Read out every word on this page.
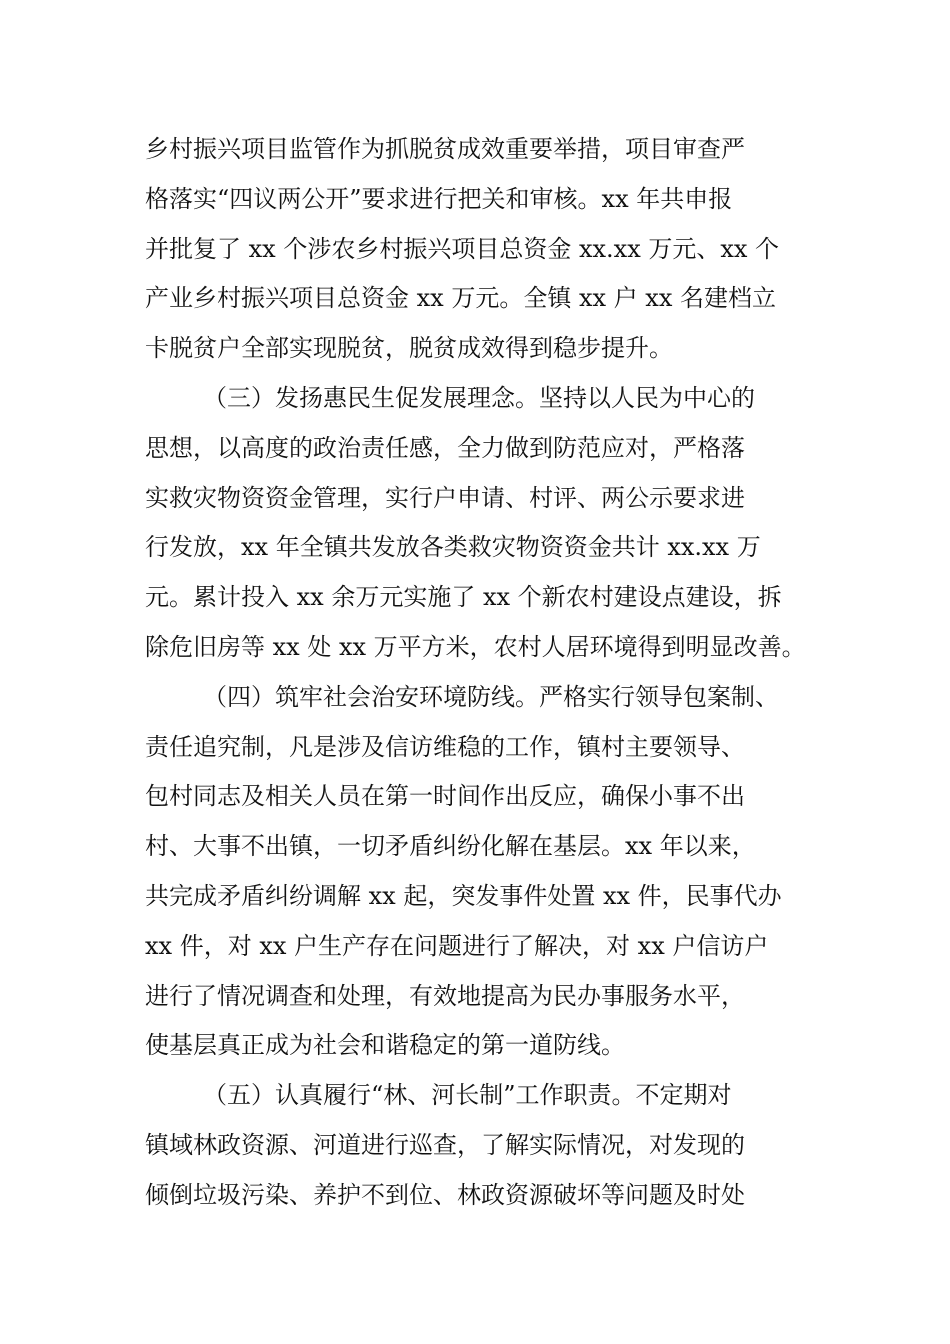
乡村振兴项目监管作为抓脱贫成效重要举措，项目审查严
格落实“四议两公开”要求进行把关和审核。xx 年共申报
并批复了 xx 个涉农乡村振兴项目总资金 xx.xx 万元、xx 个
产业乡村振兴项目总资金 xx 万元。全镇 xx 户 xx 名建档立
卡脱贫户全部实现脱贫，脱贫成效得到稳步提升。
（三）发扬惠民生促发展理念。坚持以人民为中心的
思想，以高度的政治责任感，全力做到防范应对，严格落
实救灾物资资金管理，实行户申请、村评、两公示要求进
行发放，xx 年全镇共发放各类救灾物资资金共计 xx.xx 万
元。累计投入 xx 余万元实施了 xx 个新农村建设点建设，拆
除危旧房等 xx 处 xx 万平方米，农村人居环境得到明显改善。
（四）筑牢社会治安环境防线。严格实行领导包案制、
责任追究制，凡是涉及信访维稳的工作，镇村主要领导、
包村同志及相关人员在第一时间作出反应，确保小事不出
村、大事不出镇，一切矛盾纠纷化解在基层。xx 年以来，
共完成矛盾纠纷调解 xx 起，突发事件处置 xx 件，民事代办
xx 件，对 xx 户生产存在问题进行了解决，对 xx 户信访户
进行了情况调查和处理，有效地提高为民办事服务水平，
使基层真正成为社会和谐稳定的第一道防线。
（五）认真履行“林、河长制”工作职责。不定期对
镇域林政资源、河道进行巡查，了解实际情况，对发现的
倾倒垃圾污染、养护不到位、林政资源破坏等问题及时处
